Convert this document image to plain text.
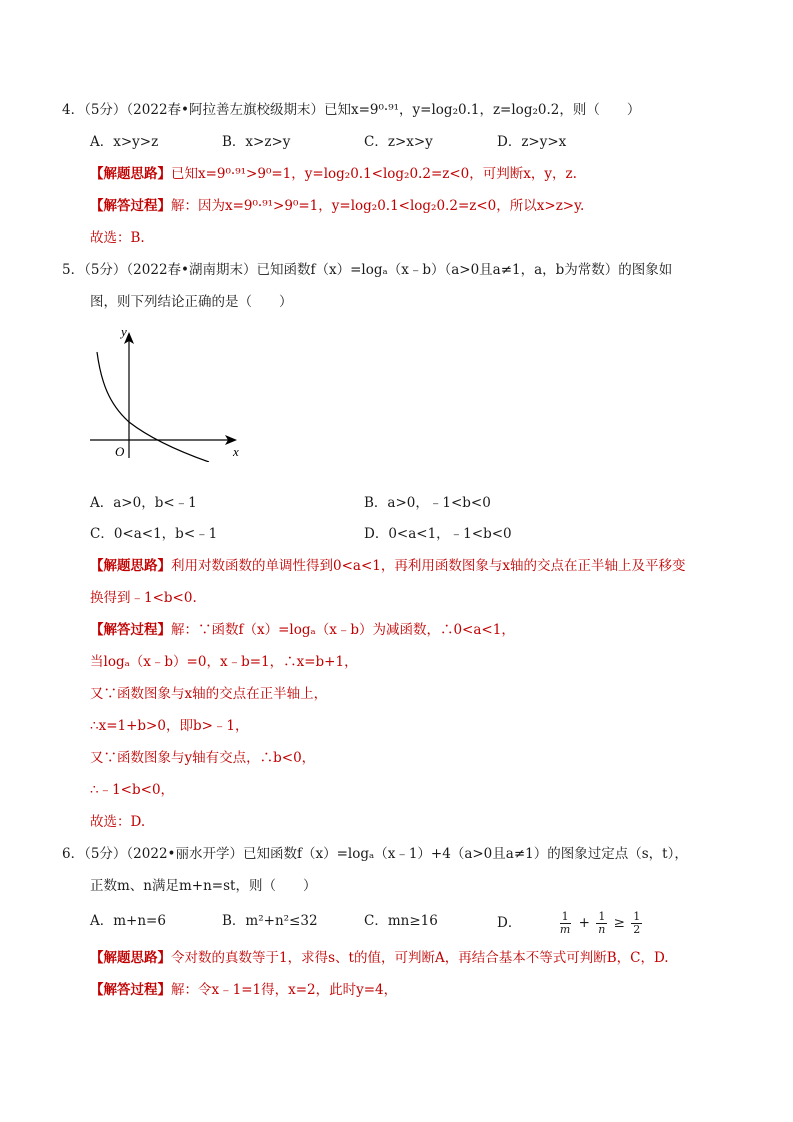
4．（5分）（2022春•阿拉善左旗校级期末）已知x=9⁰·⁹¹，y=log₂0.1，z=log₂0.2，则（　　）
A．x>y>z	B．x>z>y	C．z>x>y	D．z>y>x
【解题思路】已知x=9⁰·⁹¹>9⁰=1，y=log₂0.1<log₂0.2=z<0，可判断x，y，z.
【解答过程】解：因为x=9⁰·⁹¹>9⁰=1，y=log₂0.1<log₂0.2=z<0，所以x>z>y.
故选：B.
5．（5分）（2022春•湖南期末）已知函数f（x）=logₐ（x﹣b）（a>0且a≠1，a，b为常数）的图象如
图，则下列结论正确的是（　　）
y
x
O
A．a>0，b<﹣1	B．a>0，﹣1<b<0
C．0<a<1，b<﹣1	D．0<a<1，﹣1<b<0
【解题思路】利用对数函数的单调性得到0<a<1，再利用函数图象与x轴的交点在正半轴上及平移变
换得到﹣1<b<0.
【解答过程】解：∵函数f（x）=logₐ（x﹣b）为减函数，∴0<a<1，
当logₐ（x﹣b）=0，x﹣b=1，∴x=b+1，
又∵函数图象与x轴的交点在正半轴上，
∴x=1+b>0，即b>﹣1，
又∵函数图象与y轴有交点，∴b<0，
∴﹣1<b<0，
故选：D.
6．（5分）（2022•丽水开学）已知函数f（x）=logₐ（x﹣1）+4（a>0且a≠1）的图象过定点（s，t），
正数m、n满足m+n=st，则（　　）
A．m+n=6	B．m²+n²≤32	C．mn≥16	D．	$\frac{1}{m} + \frac{1}{n} \ge \frac{1}{2}$
【解题思路】令对数的真数等于1，求得s、t的值，可判断A，再结合基本不等式可判断B，C，D.
【解答过程】解：令x﹣1=1得，x=2，此时y=4，
